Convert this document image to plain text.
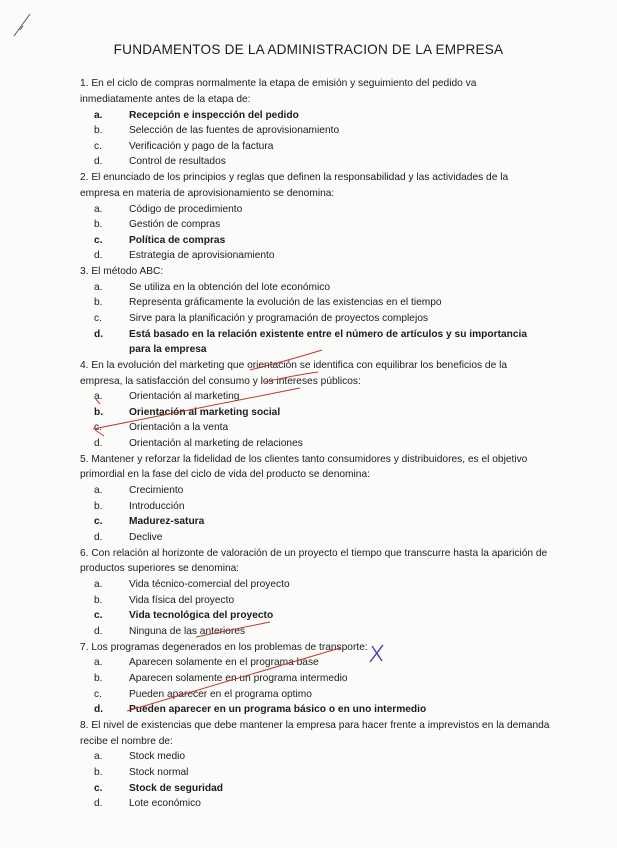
FUNDAMENTOS DE LA ADMINISTRACION DE LA EMPRESA

1. En el ciclo de compras normalmente la etapa de emisión y seguimiento del pedido va inmediatamente antes de la etapa de:

a.	Recepción e inspección del pedido
b.	Selección de las fuentes de aprovisionamiento
c.	Verificación y pago de la factura
d.	Control de resultados

2. El enunciado de los principios y reglas que definen la responsabilidad y las actividades de la empresa en materia de aprovisionamiento se denomina:

a.	Código de procedimiento
b.	Gestión de compras
c.	Política de compras
d.	Estrategia de aprovisionamiento

3. El método ABC:

a.	Se utiliza en la obtención del lote económico
b.	Representa gráficamente la evolución de las existencias en el tiempo
c.	Sirve para la planificación y programación de proyectos complejos
d.	Está basado en la relación existente entre el número de artículos y su importancia para la empresa

4. En la evolución del marketing que orientación se identifica con equilibrar los beneficios de la empresa, la satisfacción del consumo y los intereses públicos:

a.	Orientación al marketing
b.	Orientación al marketing social
c.	Orientación a la venta
d.	Orientación al marketing de relaciones

5. Mantener y reforzar la fidelidad de los clientes tanto consumidores y distribuidores, es el objetivo primordial en la fase del ciclo de vida del producto se denomina:

a.	Crecimiento
b.	Introducción
c.	Madurez-satura
d.	Declive

6. Con relación al horizonte de valoración de un proyecto el tiempo que transcurre hasta la aparición de productos superiores se denomina:

a.	Vida técnico-comercial del proyecto
b.	Vida física del proyecto
c.	Vida tecnológica del proyecto
d.	Ninguna de las anteriores

7. Los programas degenerados en los problemas de transporte:

a.	Aparecen solamente en el programa base
b.	Aparecen solamente en un programa intermedio
c.	Pueden aparecer en el programa optimo
d.	Pueden aparecer en un programa básico o en uno intermedio

8. El nivel de existencias que debe mantener la empresa para hacer frente a imprevistos en la demanda recibe el nombre de:

a.	Stock medio
b.	Stock normal
c.	Stock de seguridad
d.	Lote económico
